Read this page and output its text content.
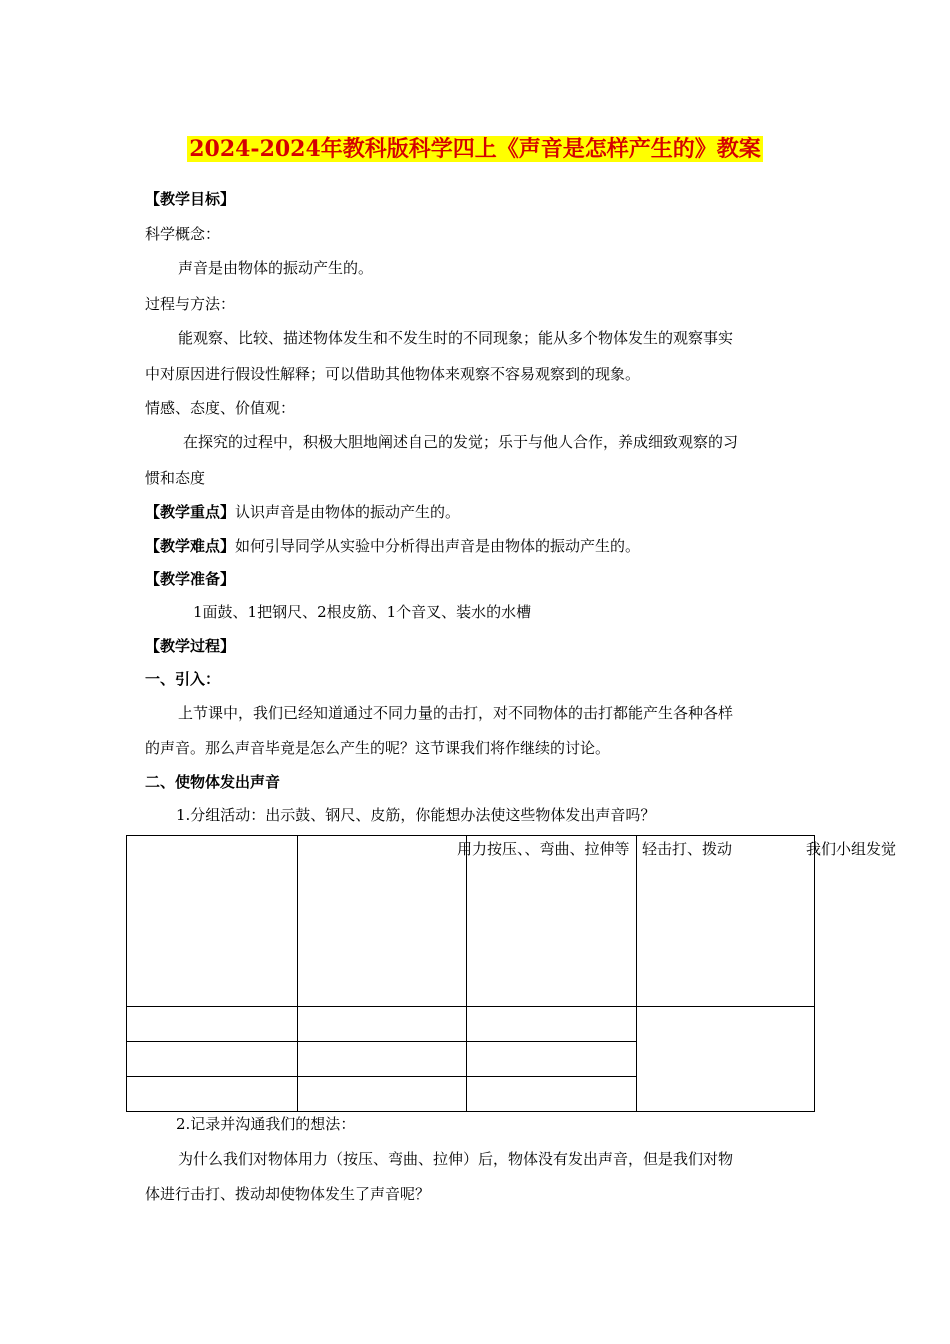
2024-2024年教科版科学四上《声音是怎样产生的》教案
【教学目标】
科学概念：
声音是由物体的振动产生的。
过程与方法：
能观察、比较、描述物体发生和不发生时的不同现象；能从多个物体发生的观察事实
中对原因进行假设性解释；可以借助其他物体来观察不容易观察到的现象。
情感、态度、价值观：
在探究的过程中，积极大胆地阐述自己的发觉；乐于与他人合作，养成细致观察的习
惯和态度
【教学重点】认识声音是由物体的振动产生的。
【教学难点】如何引导同学从实验中分析得出声音是由物体的振动产生的。
【教学准备】
1面鼓、1把钢尺、2根皮筋、1个音叉、装水的水槽
【教学过程】
一、引入：
上节课中，我们已经知道通过不同力量的击打，对不同物体的击打都能产生各种各样
的声音。那么声音毕竟是怎么产生的呢？这节课我们将作继续的讨论。
二、使物体发出声音
1.分组活动：出示鼓、钢尺、皮筋，你能想办法使这些物体发出声音吗？
用力按压、、弯曲、拉伸等 轻击打、拨动	我们小组发觉
2.记录并沟通我们的想法：
为什么我们对物体用力（按压、弯曲、拉伸）后，物体没有发出声音，但是我们对物
体进行击打、拨动却使物体发生了声音呢？
